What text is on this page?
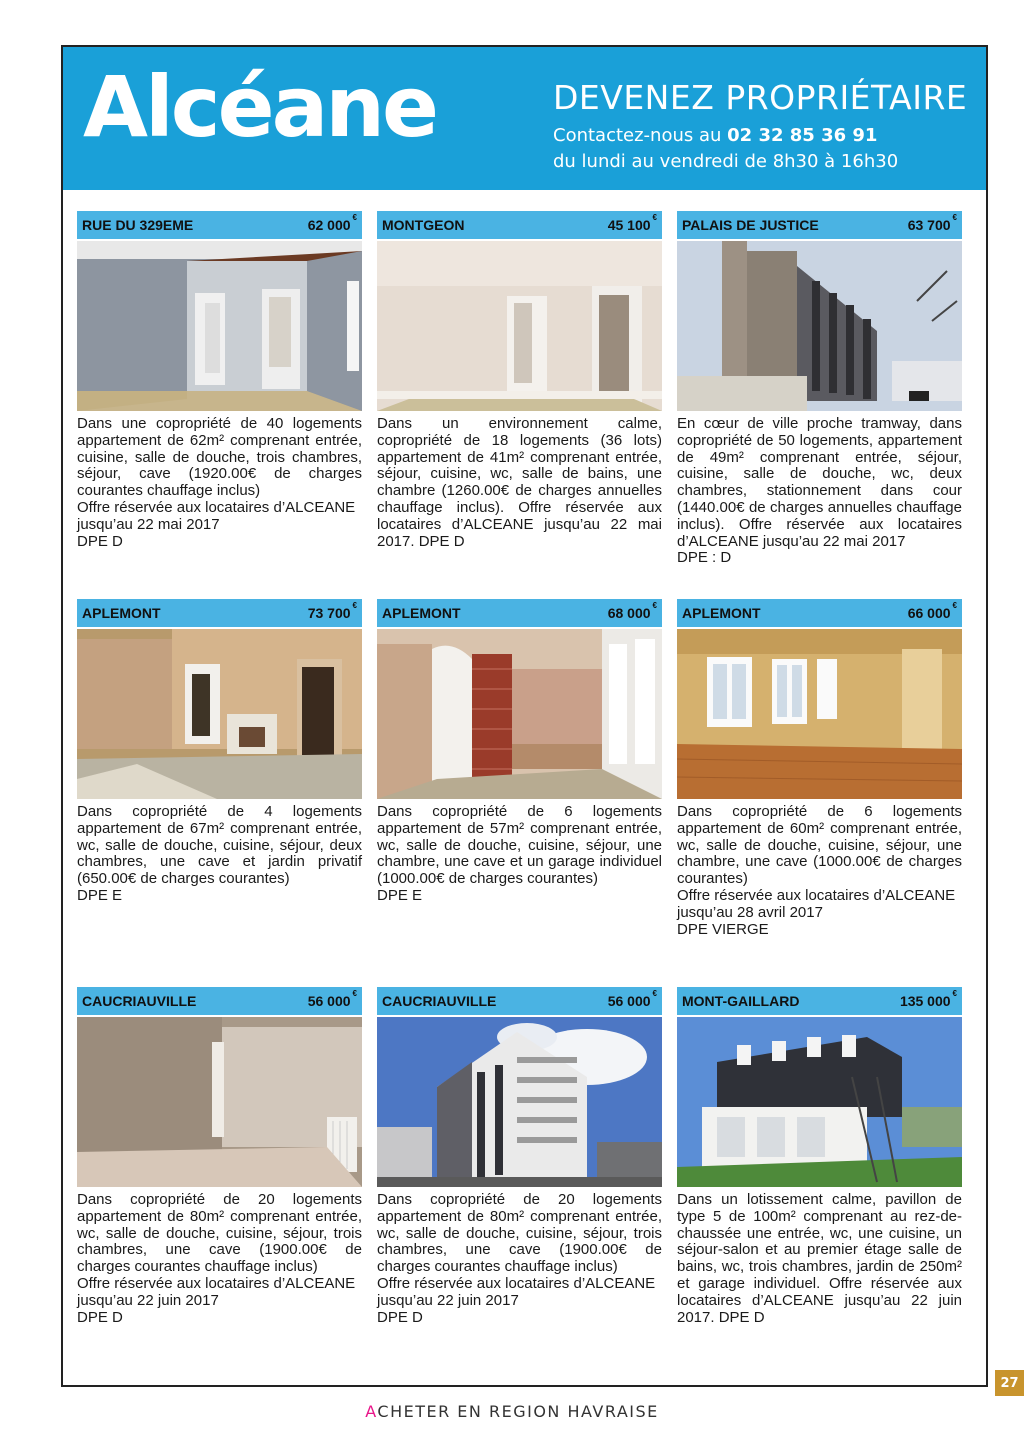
Alcéane	DEVENEZ PROPRIÉTAIRE
Contactez-nous au 02 32 85 36 91
du lundi au vendredi de 8h30 à 16h30
RUE DU 329EME	62 000 €

Dans une copropriété de 40 logements appartement de 62m² comprenant entrée, cuisine, salle de douche, trois chambres, séjour, cave (1920.00€ de charges courantes chauffage inclus)

Offre réservée aux locataires d’ALCEANE jusqu’au 22 mai 2017

DPE D

MONTGEON	45 100 €

Dans un environnement calme, copropriété de 18 logements (36 lots) appartement de 41m² comprenant entrée, séjour, cuisine, wc, salle de bains, une chambre (1260.00€ de charges annuelles chauffage inclus). Offre réservée aux locataires d’ALCEANE jusqu’au 22 mai 2017. DPE D

PALAIS DE JUSTICE	63 700 €

En cœur de ville proche tramway, dans copropriété de 50 logements, appartement de 49m² comprenant entrée, séjour, cuisine, salle de douche, wc, deux chambres, stationnement dans cour (1440.00€ de charges annuelles chauffage inclus). Offre réservée aux locataires d’ALCEANE jusqu’au 22 mai 2017

DPE : D

APLEMONT	73 700 €

Dans copropriété de 4 logements appartement de 67m² comprenant entrée, wc, salle de douche, cuisine, séjour, deux chambres, une cave et jardin privatif (650.00€ de charges courantes)

DPE E

APLEMONT	68 000 €

Dans copropriété de 6 logements appartement de 57m² comprenant entrée, wc, salle de douche, cuisine, séjour, une chambre, une cave et un garage individuel (1000.00€ de charges courantes)

DPE E

APLEMONT	66 000 €

Dans copropriété de 6 logements appartement de 60m² comprenant entrée, wc, salle de douche, cuisine, séjour, une chambre, une cave (1000.00€ de charges courantes)

Offre réservée aux locataires d’ALCEANE jusqu’au 28 avril 2017

DPE VIERGE

CAUCRIAUVILLE	56 000 €

Dans copropriété de 20 logements appartement de 80m² comprenant entrée, wc, salle de douche, cuisine, séjour, trois chambres, une cave (1900.00€ de charges courantes chauffage inclus)

Offre réservée aux locataires d’ALCEANE jusqu’au 22 juin 2017

DPE D

CAUCRIAUVILLE	56 000 €

Dans copropriété de 20 logements appartement de 80m² comprenant entrée, wc, salle de douche, cuisine, séjour, trois chambres, une cave (1900.00€ de charges courantes chauffage inclus)

Offre réservée aux locataires d’ALCEANE jusqu’au 22 juin 2017

DPE D

MONT-GAILLARD	135 000 €

Dans un lotissement calme, pavillon de type 5 de 100m² comprenant au rez-de-chaussée une entrée, wc, une cuisine, un séjour-salon et au premier étage salle de bains, wc, trois chambres, jardin de 250m² et garage individuel. Offre réservée aux locataires d’ALCEANE jusqu’au 22 juin 2017. DPE D

ACHETER EN REGION HAVRAISE
27
